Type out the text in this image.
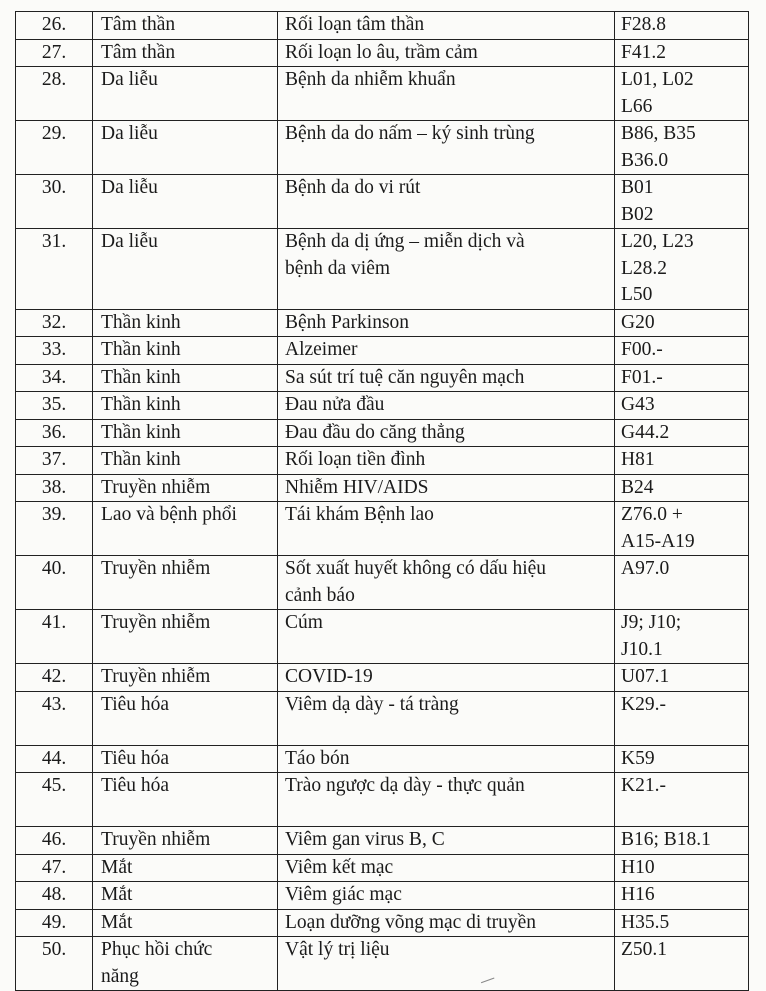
26.	Tâm thần	Rối loạn tâm thần	F28.8

27.	Tâm thần	Rối loạn lo âu, trầm cảm	F41.2

28.	Da liễu	Bệnh da nhiễm khuẩn	L01, L02
L66

29.	Da liễu	Bệnh da do nấm – ký sinh trùng	B86, B35
B36.0

30.	Da liễu	Bệnh da do vi rút	B01
B02

31.	Da liễu	Bệnh da dị ứng – miễn dịch và
bệnh da viêm	L20, L23
L28.2
L50

32.	Thần kinh	Bệnh Parkinson	G20

33.	Thần kinh	Alzeimer	F00.-

34.	Thần kinh	Sa sút trí tuệ căn nguyên mạch	F01.-

35.	Thần kinh	Đau nửa đầu	G43

36.	Thần kinh	Đau đầu do căng thẳng	G44.2

37.	Thần kinh	Rối loạn tiền đình	H81

38.	Truyền nhiễm	Nhiễm HIV/AIDS	B24

39.	Lao và bệnh phổi	Tái khám Bệnh lao	Z76.0 +
A15-A19

40.	Truyền nhiễm	Sốt xuất huyết không có dấu hiệu
cảnh báo	A97.0

41.	Truyền nhiễm	Cúm	J9; J10;
J10.1

42.	Truyền nhiễm	COVID-19	U07.1

43.	Tiêu hóa	Viêm dạ dày - tá tràng	K29.-

44.	Tiêu hóa	Táo bón	K59

45.	Tiêu hóa	Trào ngược dạ dày - thực quản	K21.-

46.	Truyền nhiễm	Viêm gan virus B, C	B16; B18.1

47.	Mắt	Viêm kết mạc	H10

48.	Mắt	Viêm giác mạc	H16

49.	Mắt	Loạn dưỡng võng mạc di truyền	H35.5

50.	Phục hồi chức
năng	Vật lý trị liệu	Z50.1
